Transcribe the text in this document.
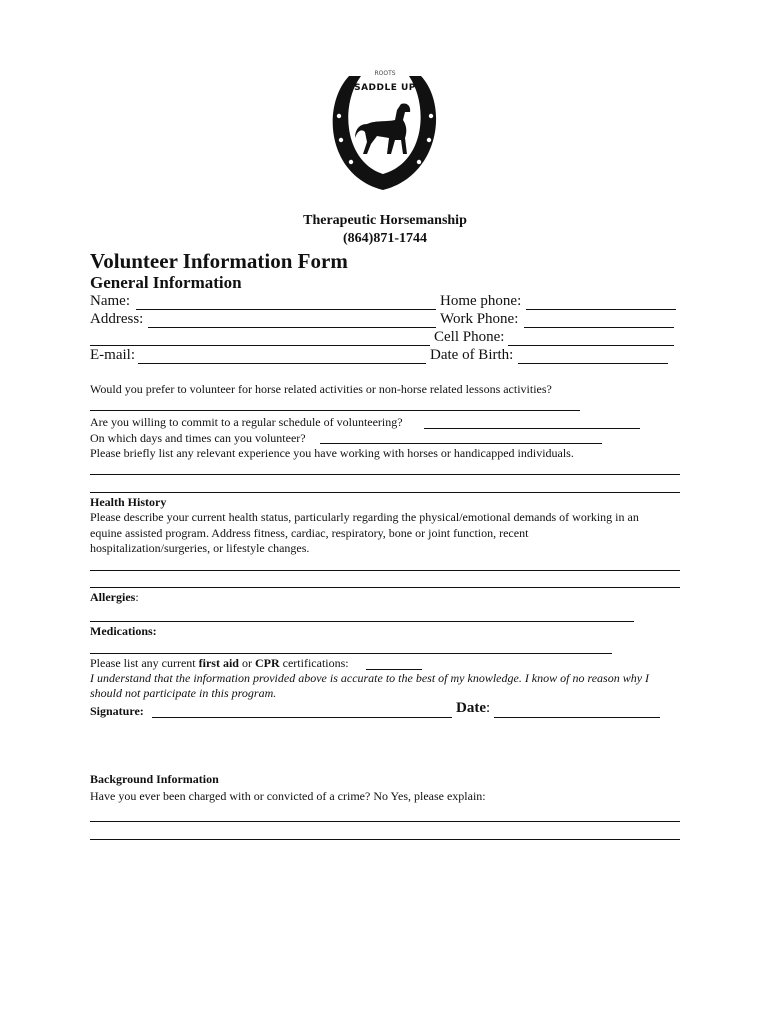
ROOTS
SADDLE UP
Therapeutic Horsemanship
(864)871-1744
Volunteer Information Form
General Information
Name:	Home phone:
Address:	Work Phone:
Cell Phone:
E-mail:	Date of Birth:
Would you prefer to volunteer for horse related activities or non-horse related lessons activities?
Are you willing to commit to a regular schedule of volunteering?
On which days and times can you volunteer?
Please briefly list any relevant experience you have working with horses or handicapped individuals.
Health History
Please describe your current health status, particularly regarding the physical/emotional demands of working in an
equine assisted program. Address fitness, cardiac, respiratory, bone or joint function, recent
hospitalization/surgeries, or lifestyle changes.
Allergies:
Medications:
Please list any current first aid or CPR certifications:
I understand that the information provided above is accurate to the best of my knowledge. I know of no reason why I
should not participate in this program.
Signature:	Date:
Background Information
Have you ever been charged with or convicted of a crime? No Yes, please explain:
